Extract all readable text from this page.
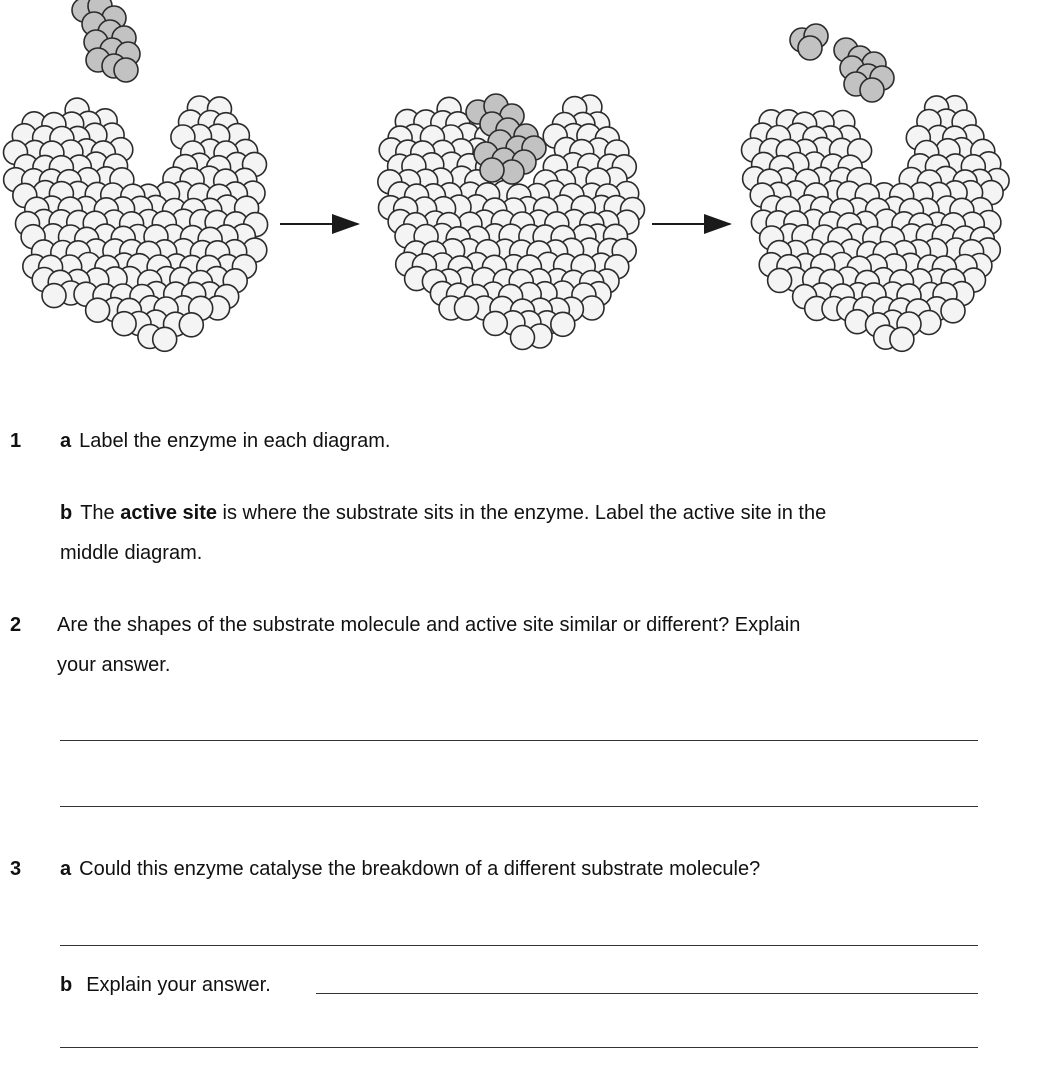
1 a Label the enzyme in each diagram.

b The active site is where the substrate sits in the enzyme. Label the active site in the

middle diagram.

2 Are the shapes of the substrate molecule and active site similar or different? Explain

your answer.

3 a Could this enzyme catalyse the breakdown of a different substrate molecule?

b Explain your answer.
